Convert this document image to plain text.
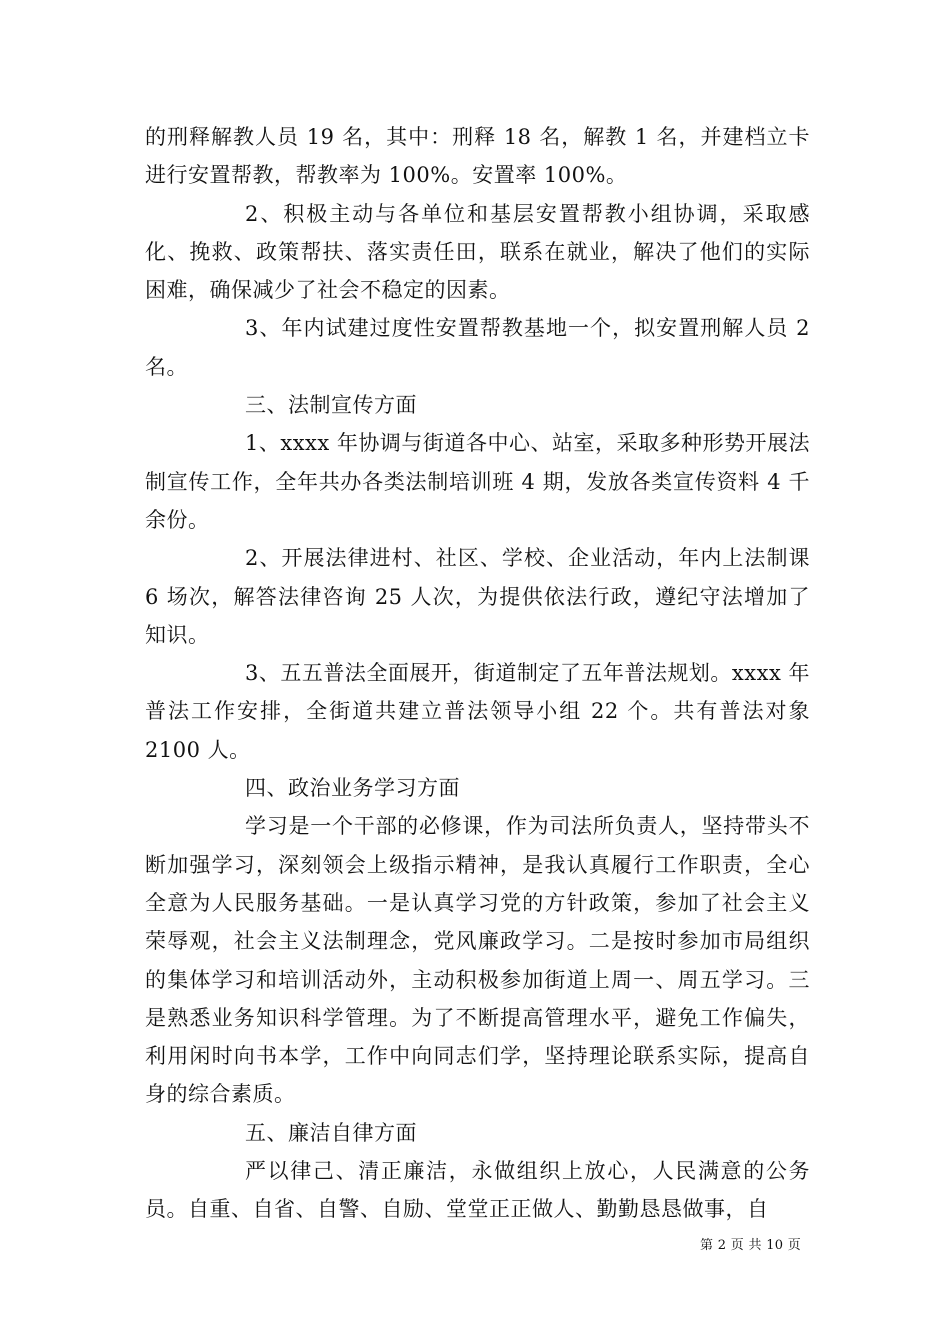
的刑释解教人员 19 名，其中：刑释 18 名，解教 1 名，并建档立卡进行安置帮教，帮教率为 100%。安置率 100%。

2、积极主动与各单位和基层安置帮教小组协调，采取感化、挽救、政策帮扶、落实责任田，联系在就业，解决了他们的实际困难，确保减少了社会不稳定的因素。

3、年内试建过度性安置帮教基地一个，拟安置刑解人员 2 名。

三、法制宣传方面

1、xxxx 年协调与街道各中心、站室，采取多种形势开展法制宣传工作，全年共办各类法制培训班 4 期，发放各类宣传资料 4 千余份。

2、开展法律进村、社区、学校、企业活动，年内上法制课 6 场次，解答法律咨询 25 人次，为提供依法行政，遵纪守法增加了知识。

3、五五普法全面展开，街道制定了五年普法规划。xxxx 年普法工作安排，全街道共建立普法领导小组 22 个。共有普法对象 2100 人。

四、政治业务学习方面

学习是一个干部的必修课，作为司法所负责人，坚持带头不断加强学习，深刻领会上级指示精神，是我认真履行工作职责，全心全意为人民服务基础。一是认真学习党的方针政策，参加了社会主义荣辱观，社会主义法制理念，党风廉政学习。二是按时参加市局组织的集体学习和培训活动外，主动积极参加街道上周一、周五学习。三是熟悉业务知识科学管理。为了不断提高管理水平，避免工作偏失，利用闲时向书本学，工作中向同志们学，坚持理论联系实际，提高自身的综合素质。

五、廉洁自律方面

严以律己、清正廉洁，永做组织上放心，人民满意的公务员。自重、自省、自警、自励、堂堂正正做人、勤勤恳恳做事，自

第 2 页 共 10 页
